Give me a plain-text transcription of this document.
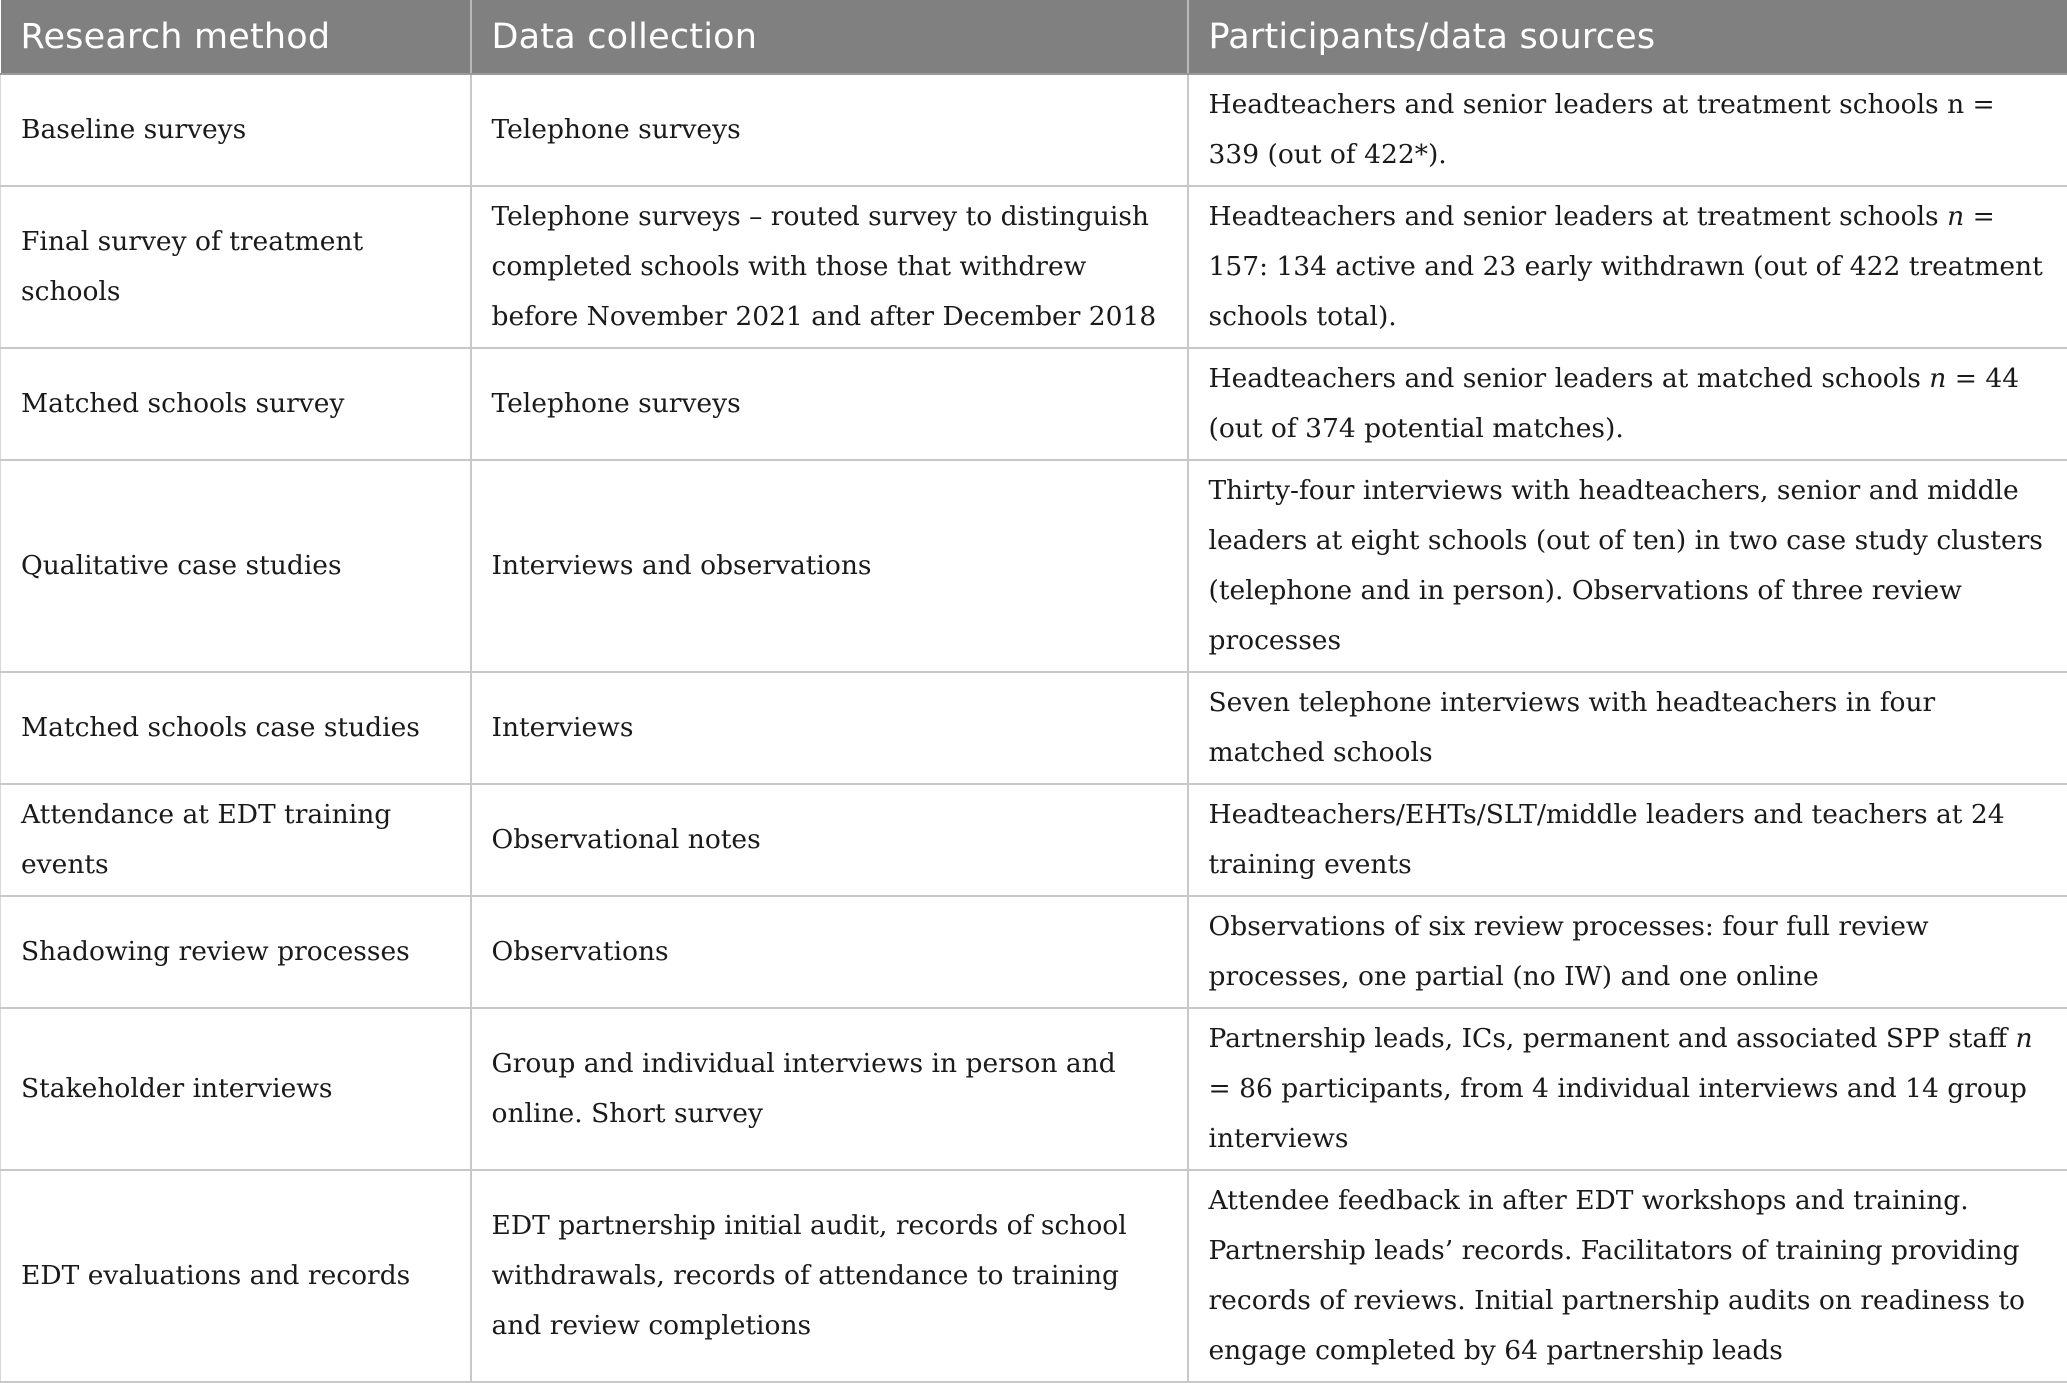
Research method	Data collection	Participants/data sources
Baseline surveys	Telephone surveys	Headteachers and senior leaders at treatment schools n = 339 (out of 422*).
Final survey of treatment schools	Telephone surveys – routed survey to distinguish completed schools with those that withdrew before November 2021 and after December 2018	Headteachers and senior leaders at treatment schools n = 157: 134 active and 23 early withdrawn (out of 422 treatment schools total).
Matched schools survey	Telephone surveys	Headteachers and senior leaders at matched schools n = 44 (out of 374 potential matches).
Qualitative case studies	Interviews and observations	Thirty-four interviews with headteachers, senior and middle leaders at eight schools (out of ten) in two case study clusters (telephone and in person). Observations of three review processes
Matched schools case studies	Interviews	Seven telephone interviews with headteachers in four matched schools
Attendance at EDT training events	Observational notes	Headteachers/EHTs/SLT/middle leaders and teachers at 24 training events
Shadowing review processes	Observations	Observations of six review processes: four full review processes, one partial (no IW) and one online
Stakeholder interviews	Group and individual interviews in person and online. Short survey	Partnership leads, ICs, permanent and associated SPP staff n = 86 participants, from 4 individual interviews and 14 group interviews
EDT evaluations and records	EDT partnership initial audit, records of school withdrawals, records of attendance to training and review completions	Attendee feedback in after EDT workshops and training. Partnership leads’ records. Facilitators of training providing records of reviews. Initial partnership audits on readiness to engage completed by 64 partnership leads
